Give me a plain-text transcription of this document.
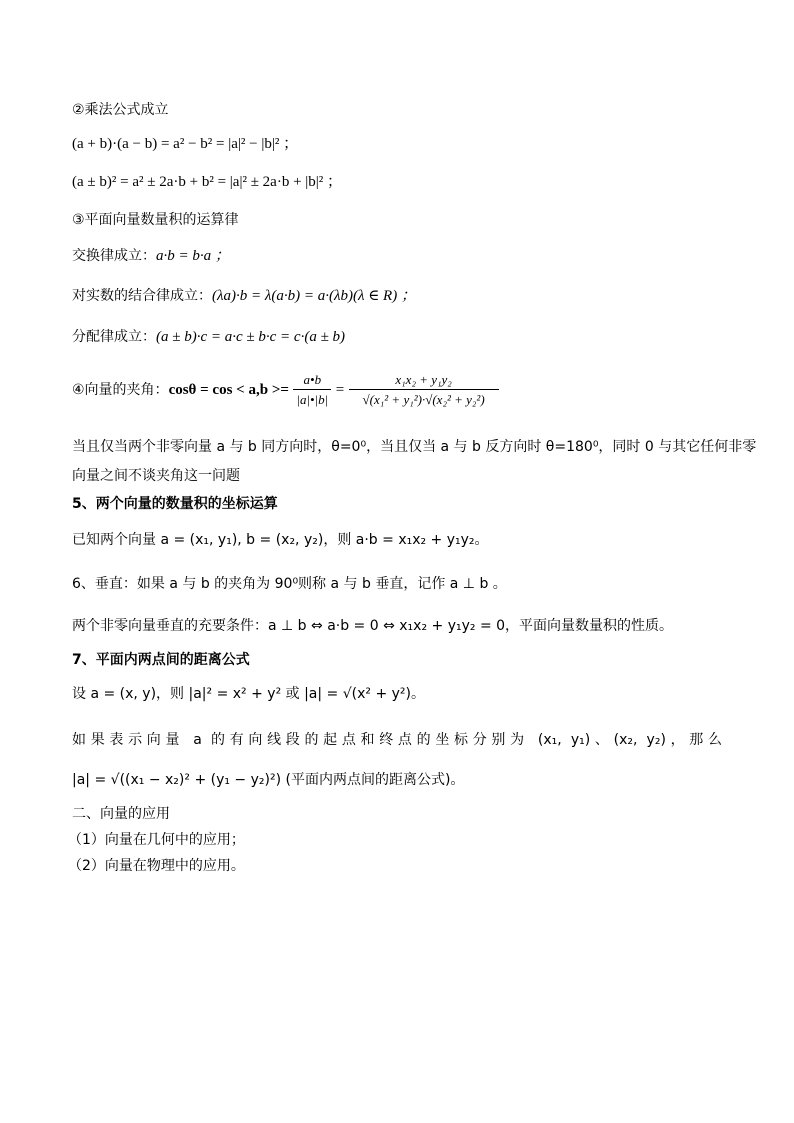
②乘法公式成立
(a + b)·(a − b) = a² − b² = |a|² − |b|² ；
(a ± b)² = a² ± 2a·b + b² = |a|² ± 2a·b + |b|² ；
③平面向量数量积的运算律
交换律成立：a·b = b·a ；
对实数的结合律成立：(λa)·b = λ(a·b) = a·(λb)(λ ∈ R) ；
分配律成立：(a ± b)·c = a·c ± b·c = c·(a ± b)
④向量的夹角：$\cos\theta = \cos < a,b >= \frac{a•b}{|a|•|b|} = \frac{\text{x₁x₂ + y₁y₂}}{\text{√(x₁² + y₁²)·√(x₂² + y₂²)}}$
当且仅当两个非零向量 a 与 b 同方向时，θ=0⁰，当且仅当 a 与 b 反方向时 θ=180⁰，同时 0 与其它任何非零
向量之间不谈夹角这一问题
5、两个向量的数量积的坐标运算
已知两个向量 a = (x₁, y₁), b = (x₂, y₂)，则 a·b = x₁x₂ + y₁y₂。
6、垂直：如果 a 与 b 的夹角为 90⁰则称 a 与 b 垂直，记作 a ⊥ b 。
两个非零向量垂直的充要条件：a ⊥ b ⇔ a·b = 0 ⇔ x₁x₂ + y₁y₂ = 0，平面向量数量积的性质。
7、平面内两点间的距离公式
设 a = (x, y)，则 |a|² = x² + y² 或 |a| = √(x² + y²)。
如果表示向量 a 的有向线段的起点和终点的坐标分别为 (x₁, y₁)、(x₂, y₂)，那么
|a| = √((x₁ − x₂)² + (y₁ − y₂)²) (平面内两点间的距离公式)。
二、向量的应用
（1）向量在几何中的应用；
（2）向量在物理中的应用。
